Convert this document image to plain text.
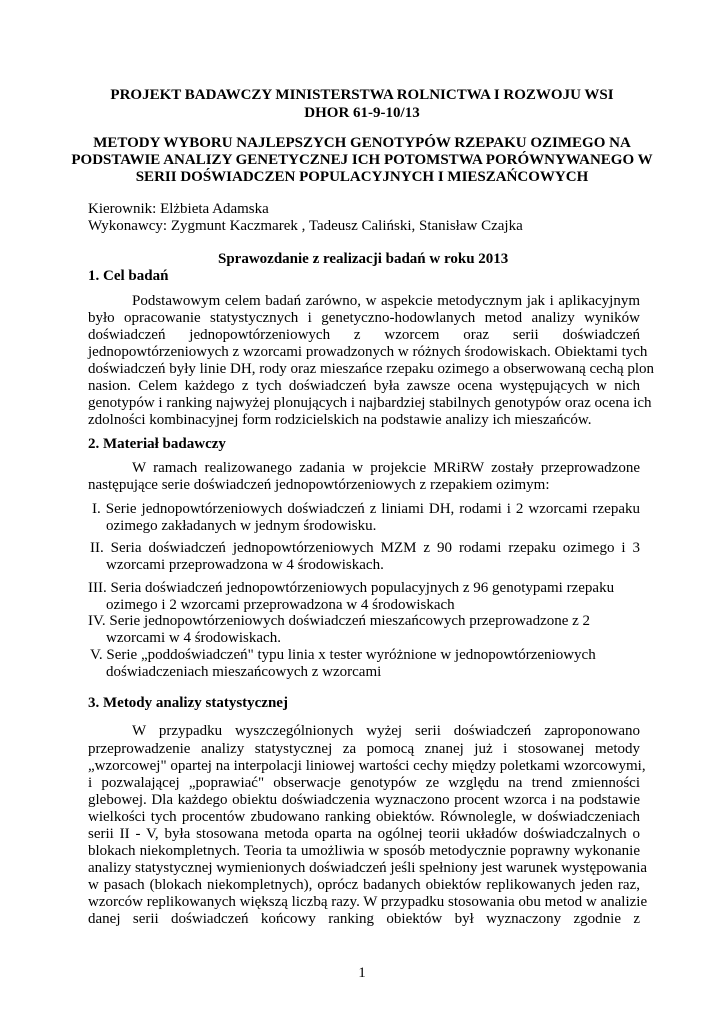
PROJEKT BADAWCZY MINISTERSTWA ROLNICTWA I ROZWOJU WSI
DHOR 61-9-10/13
METODY WYBORU NAJLEPSZYCH GENOTYPÓW RZEPAKU OZIMEGO NA
PODSTAWIE ANALIZY GENETYCZNEJ ICH POTOMSTWA PORÓWNYWANEGO W
SERII DOŚWIADCZEN POPULACYJNYCH I MIESZAŃCOWYCH
Kierownik: Elżbieta Adamska
Wykonawcy: Zygmunt Kaczmarek , Tadeusz Caliński, Stanisław Czajka
Sprawozdanie z realizacji badań w roku 2013
1. Cel badań
Podstawowym celem badań zarówno, w aspekcie metodycznym jak i aplikacyjnym
było opracowanie statystycznych i genetyczno-hodowlanych metod analizy wyników
doświadczeń jednopowtórzeniowych z wzorcem oraz serii doświadczeń
jednopowtórzeniowych z wzorcami prowadzonych w różnych środowiskach. Obiektami tych
doświadczeń były linie DH, rody oraz mieszańce rzepaku ozimego a obserwowaną cechą plon
nasion. Celem każdego z tych doświadczeń była zawsze ocena występujących w nich
genotypów i ranking najwyżej plonujących i najbardziej stabilnych genotypów oraz ocena ich
zdolności kombinacyjnej form rodzicielskich na podstawie analizy ich mieszańców.
2. Materiał badawczy
W ramach realizowanego zadania w projekcie MRiRW zostały przeprowadzone
następujące serie doświadczeń jednopowtórzeniowych z rzepakiem ozimym:
I. Serie jednopowtórzeniowych doświadczeń z liniami DH, rodami i 2 wzorcami rzepaku
ozimego zakładanych w jednym środowisku.
II. Seria doświadczeń jednopowtórzeniowych MZM z 90 rodami rzepaku ozimego i 3
wzorcami przeprowadzona w 4 środowiskach.
III. Seria doświadczeń jednopowtórzeniowych populacyjnych z 96 genotypami rzepaku
ozimego i 2 wzorcami przeprowadzona w 4 środowiskach
IV. Serie jednopowtórzeniowych doświadczeń mieszańcowych przeprowadzone z 2
wzorcami w 4 środowiskach.
V. Serie „poddoświadczeń" typu linia x tester wyróżnione w jednopowtórzeniowych
doświadczeniach mieszańcowych z wzorcami
3. Metody analizy statystycznej
W przypadku wyszczególnionych wyżej serii doświadczeń zaproponowano
przeprowadzenie analizy statystycznej za pomocą znanej już i stosowanej metody
„wzorcowej" opartej na interpolacji liniowej wartości cechy między poletkami wzorcowymi,
i pozwalającej „poprawiać" obserwacje genotypów ze względu na trend zmienności
glebowej. Dla każdego obiektu doświadczenia wyznaczono procent wzorca i na podstawie
wielkości tych procentów zbudowano ranking obiektów. Równolegle, w doświadczeniach
serii II - V, była stosowana metoda oparta na ogólnej teorii układów doświadczalnych o
blokach niekompletnych. Teoria ta umożliwia w sposób metodycznie poprawny wykonanie
analizy statystycznej wymienionych doświadczeń jeśli spełniony jest warunek występowania
w pasach (blokach niekompletnych), oprócz badanych obiektów replikowanych jeden raz,
wzorców replikowanych większą liczbą razy. W przypadku stosowania obu metod w analizie
danej serii doświadczeń końcowy ranking obiektów był wyznaczony zgodnie z
1
